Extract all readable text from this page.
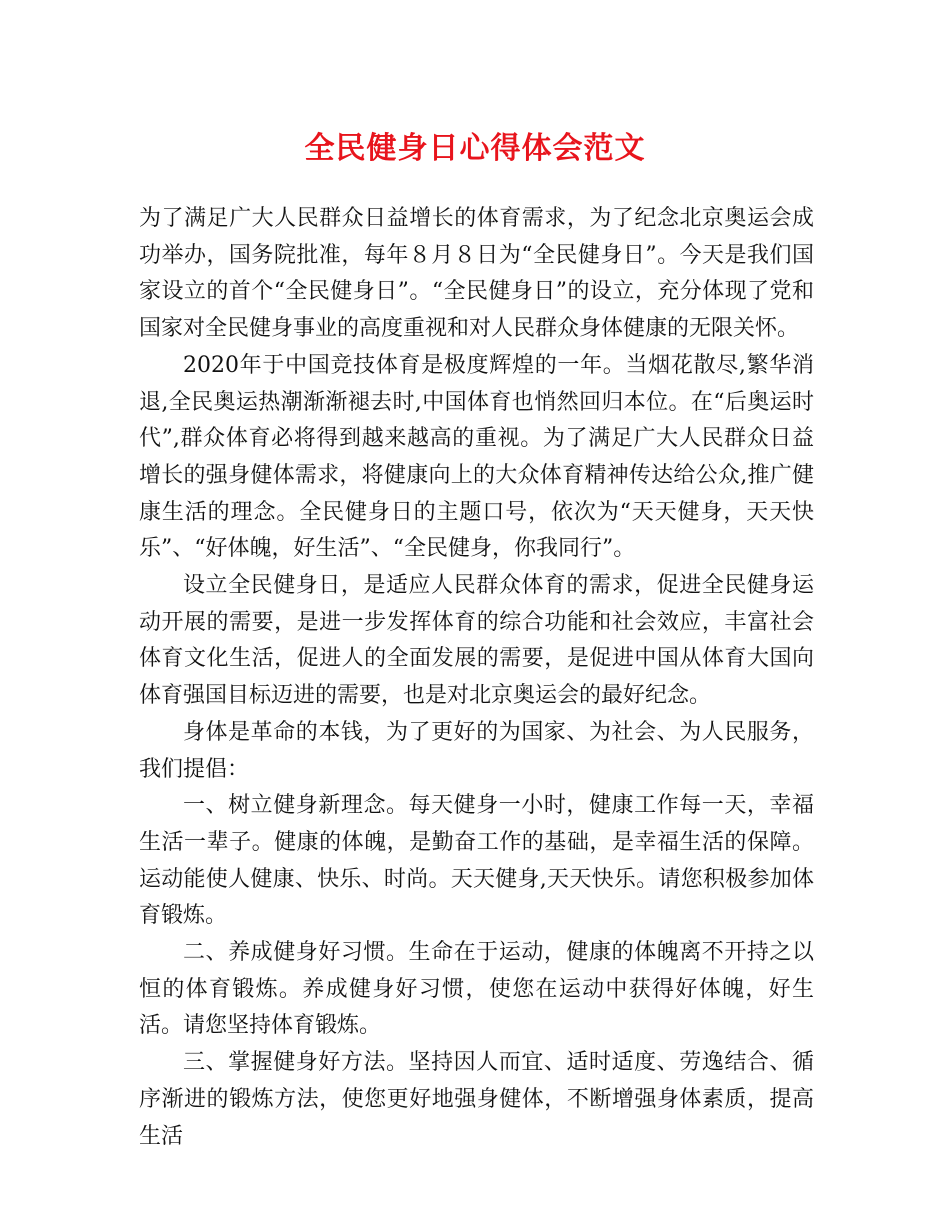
全民健身日心得体会范文

为了满足广大人民群众日益增长的体育需求，为了纪念北京奥运会成功举办，国务院批准，每年８月８日为“全民健身日”。今天是我们国家设立的首个“全民健身日”。“全民健身日”的设立，充分体现了党和国家对全民健身事业的高度重视和对人民群众身体健康的无限关怀。

2020年于中国竞技体育是极度辉煌的一年。当烟花散尽,繁华消退,全民奥运热潮渐渐褪去时,中国体育也悄然回归本位。在“后奥运时代”,群众体育必将得到越来越高的重视。为了满足广大人民群众日益增长的强身健体需求，将健康向上的大众体育精神传达给公众,推广健康生活的理念。全民健身日的主题口号，依次为“天天健身，天天快乐”、“好体魄，好生活”、“全民健身，你我同行”。

设立全民健身日，是适应人民群众体育的需求，促进全民健身运动开展的需要，是进一步发挥体育的综合功能和社会效应，丰富社会体育文化生活，促进人的全面发展的需要，是促进中国从体育大国向体育强国目标迈进的需要，也是对北京奥运会的最好纪念。

身体是革命的本钱，为了更好的为国家、为社会、为人民服务，我们提倡：

一、树立健身新理念。每天健身一小时，健康工作每一天，幸福生活一辈子。健康的体魄，是勤奋工作的基础，是幸福生活的保障。运动能使人健康、快乐、时尚。天天健身,天天快乐。请您积极参加体育锻炼。

二、养成健身好习惯。生命在于运动，健康的体魄离不开持之以恒的体育锻炼。养成健身好习惯，使您在运动中获得好体魄，好生活。请您坚持体育锻炼。

三、掌握健身好方法。坚持因人而宜、适时适度、劳逸结合、循序渐进的锻炼方法，使您更好地强身健体，不断增强身体素质，提高生活
